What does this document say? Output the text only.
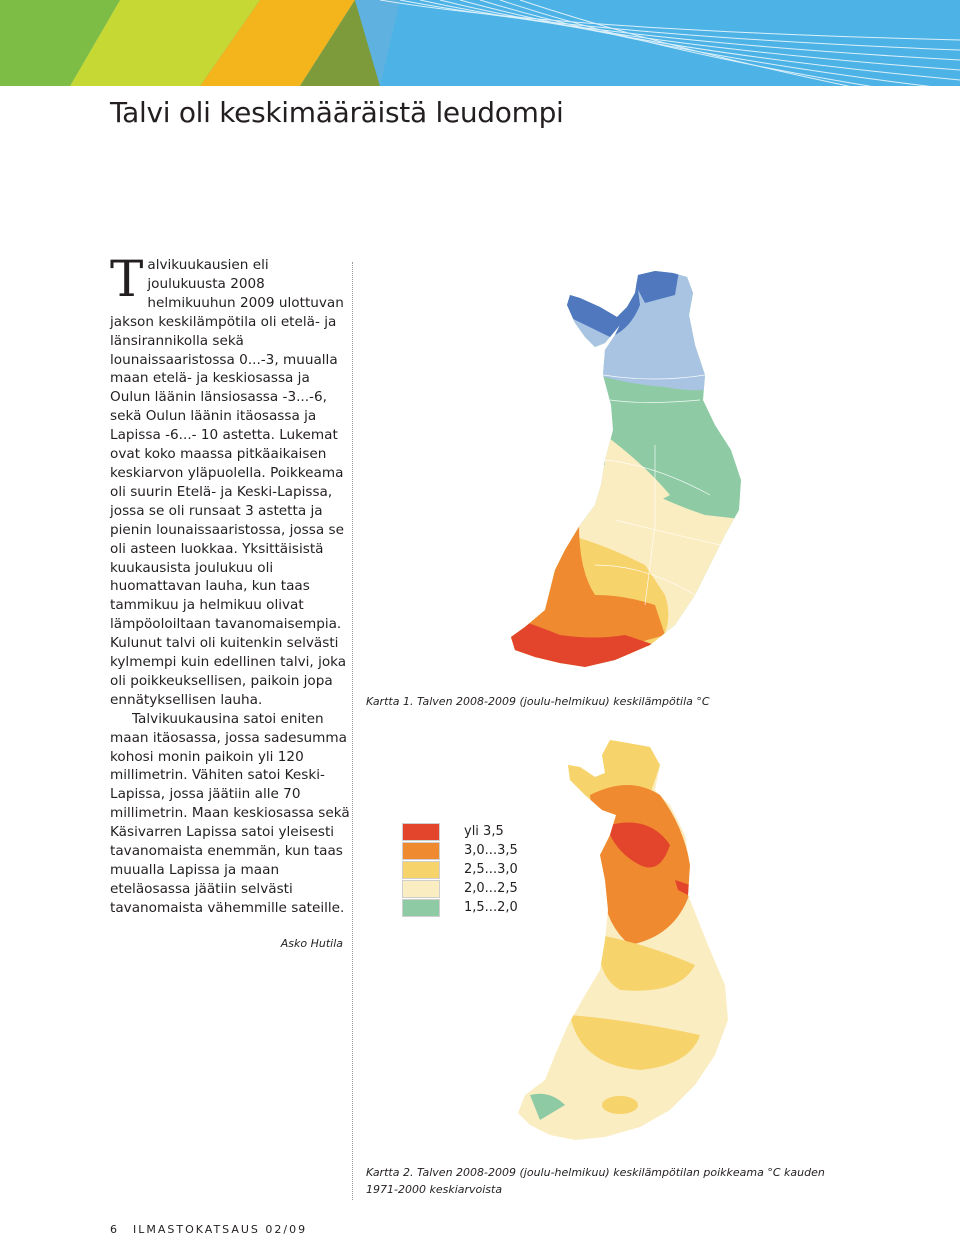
Talvi oli keskimääräistä leudompi

Talvikuukausien eli joulukuusta 2008 helmikuuhun 2009 ulottuvan jakson keskilämpötila oli etelä- ja länsirannikolla sekä lounaissaaristossa 0...-3, muualla maan etelä- ja keskiosassa ja Oulun läänin länsiosassa -3...-6, sekä Oulun läänin itäosassa ja Lapissa -6...- 10 astetta. Lukemat ovat koko maassa pitkäaikaisen keskiarvon yläpuolella. Poikkeama oli suurin Etelä- ja Keski-Lapissa, jossa se oli runsaat 3 astetta ja pienin lounaissaaristossa, jossa se oli asteen luokkaa. Yksittäisistä kuukausista joulukuu oli huomattavan lauha, kun taas tammikuu ja helmikuu olivat lämpöoloiltaan tavanomaisempia. Kulunut talvi oli kuitenkin selvästi kylmempi kuin edellinen talvi, joka oli poikkeuksellisen, paikoin jopa ennätyksellisen lauha.

Talvikuukausina satoi eniten maan itäosassa, jossa sadesumma kohosi monin paikoin yli 120 millimetrin. Vähiten satoi Keski-Lapissa, jossa jäätiin alle 70 millimetrin. Maan keskiosassa sekä Käsivarren Lapissa satoi yleisesti tavanomaista enemmän, kun taas muualla Lapissa ja maan eteläosassa jäätiin selvästi tavanomaista vähemmille sateille.

Asko Hutila
Kartta 1. Talven 2008-2009 (joulu-helmikuu) keskilämpötila °C
yli 3,5
3,0...3,5
2,5...3,0
2,0...2,5
1,5...2,0
Kartta 2. Talven 2008-2009 (joulu-helmikuu) keskilämpötilan poikkeama °C kauden 1971-2000 keskiarvoista
6 ILMASTOKATSAUS 02/09
